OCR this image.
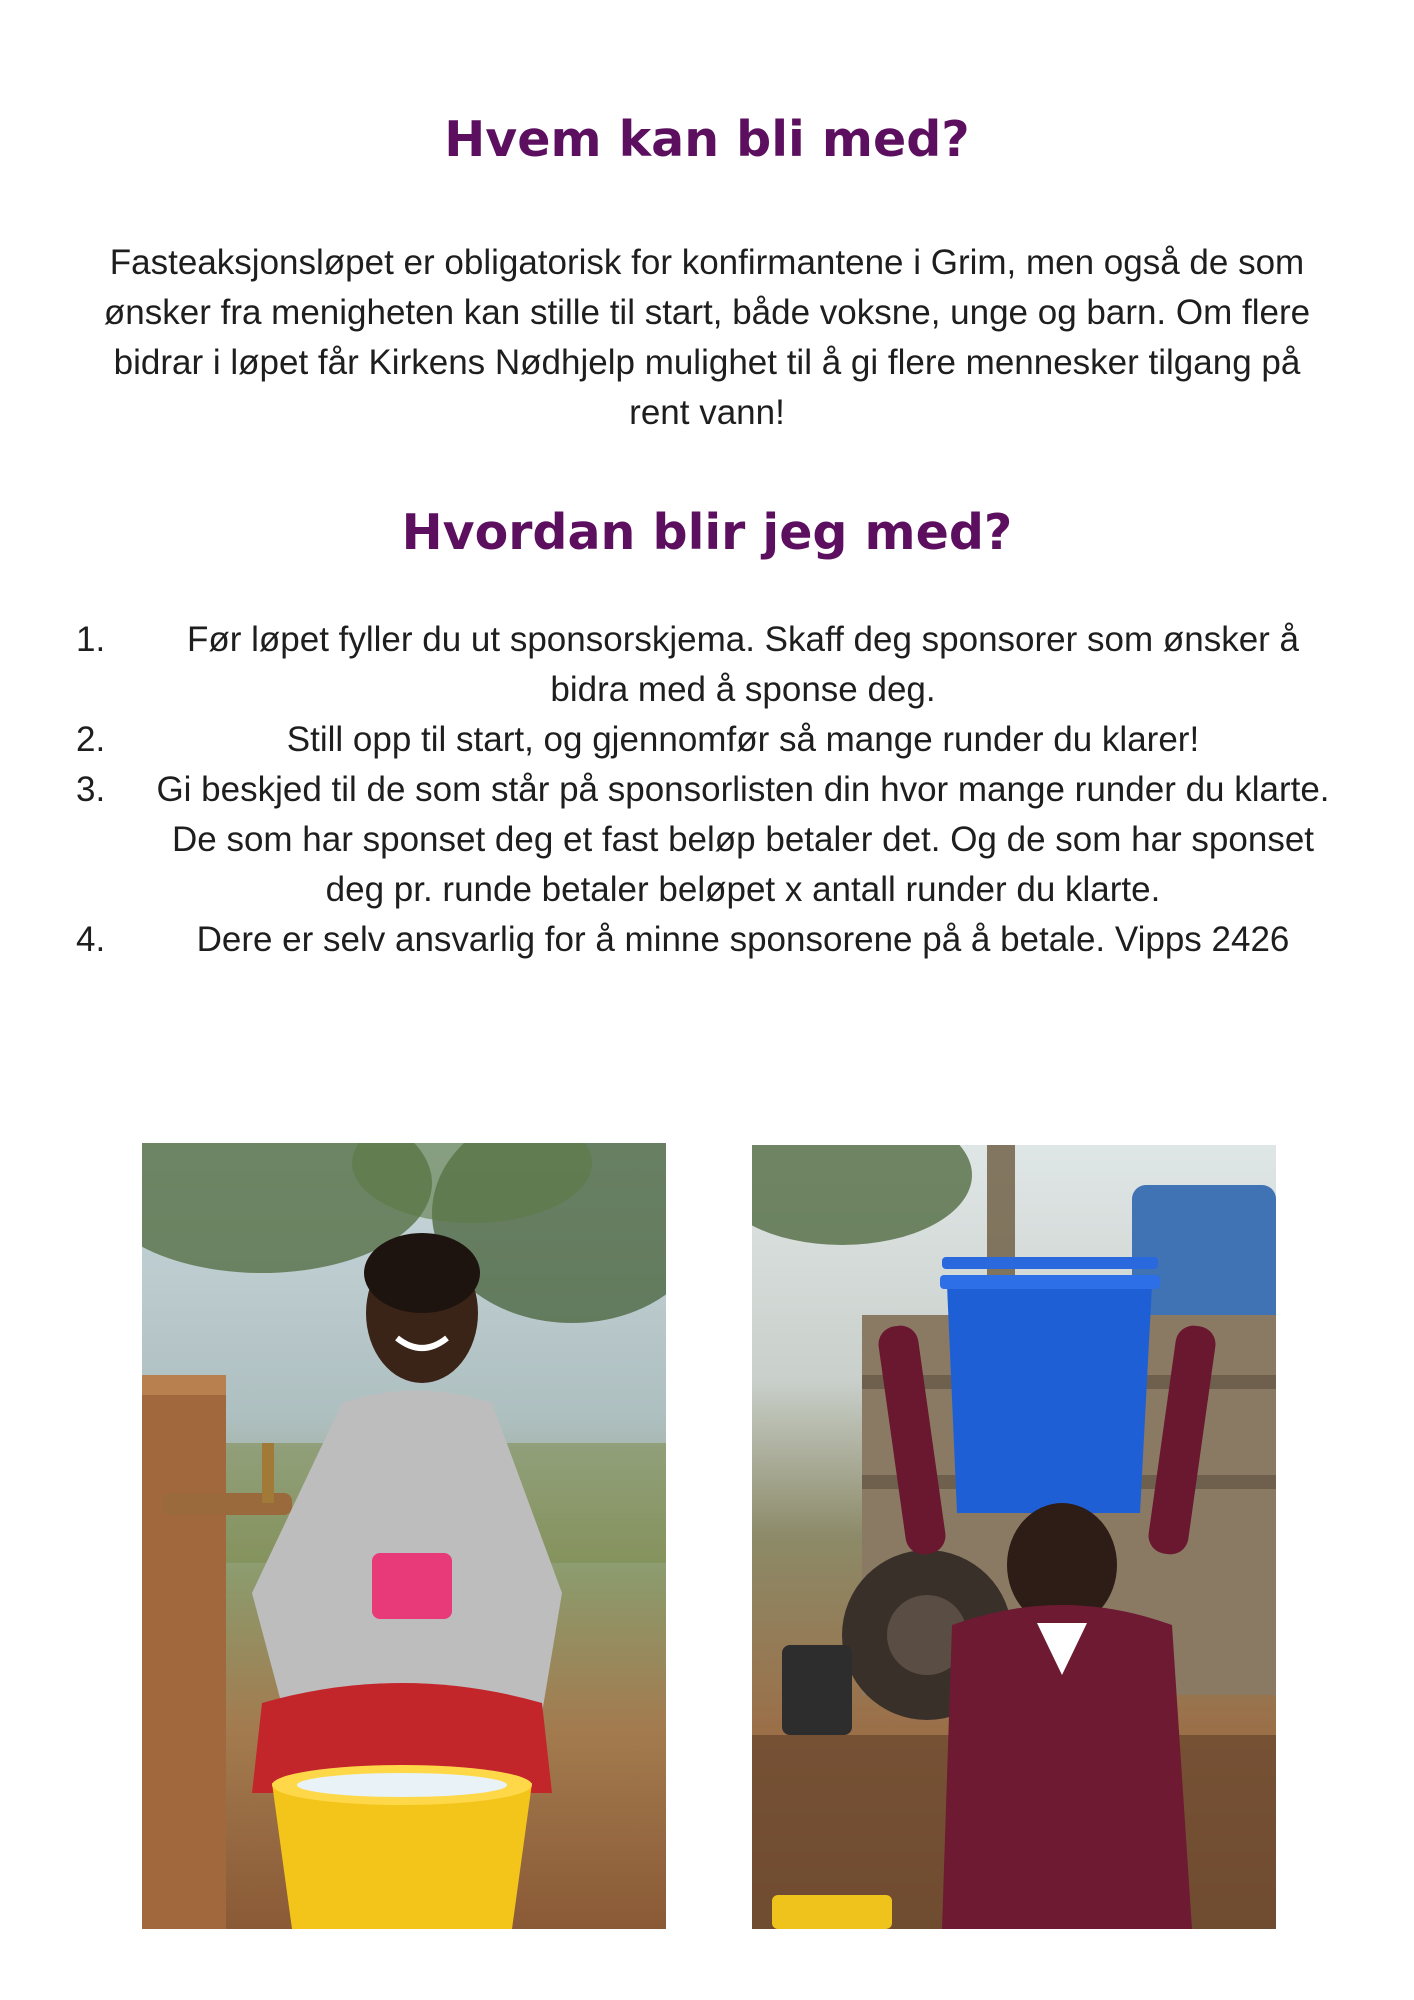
Hvem kan bli med?

Fasteaksjonsløpet er obligatorisk for konfirmantene i Grim, men også de som ønsker fra menigheten kan stille til start, både voksne, unge og barn. Om flere bidrar i løpet får Kirkens Nødhjelp mulighet til å gi flere mennesker tilgang på rent vann!

Hvordan blir jeg med?
1. Før løpet fyller du ut sponsorskjema. Skaff deg sponsorer som ønsker å bidra med å sponse deg.
2.	Still opp til start, og gjennomfør så mange runder du klarer!
3. Gi beskjed til de som står på sponsorlisten din hvor mange runder du klarte. De som har sponset deg et fast beløp betaler det. Og de som har sponset deg pr. runde betaler beløpet x antall runder du klarte.
4.	Dere er selv ansvarlig for å minne sponsorene på å betale. Vipps 2426
